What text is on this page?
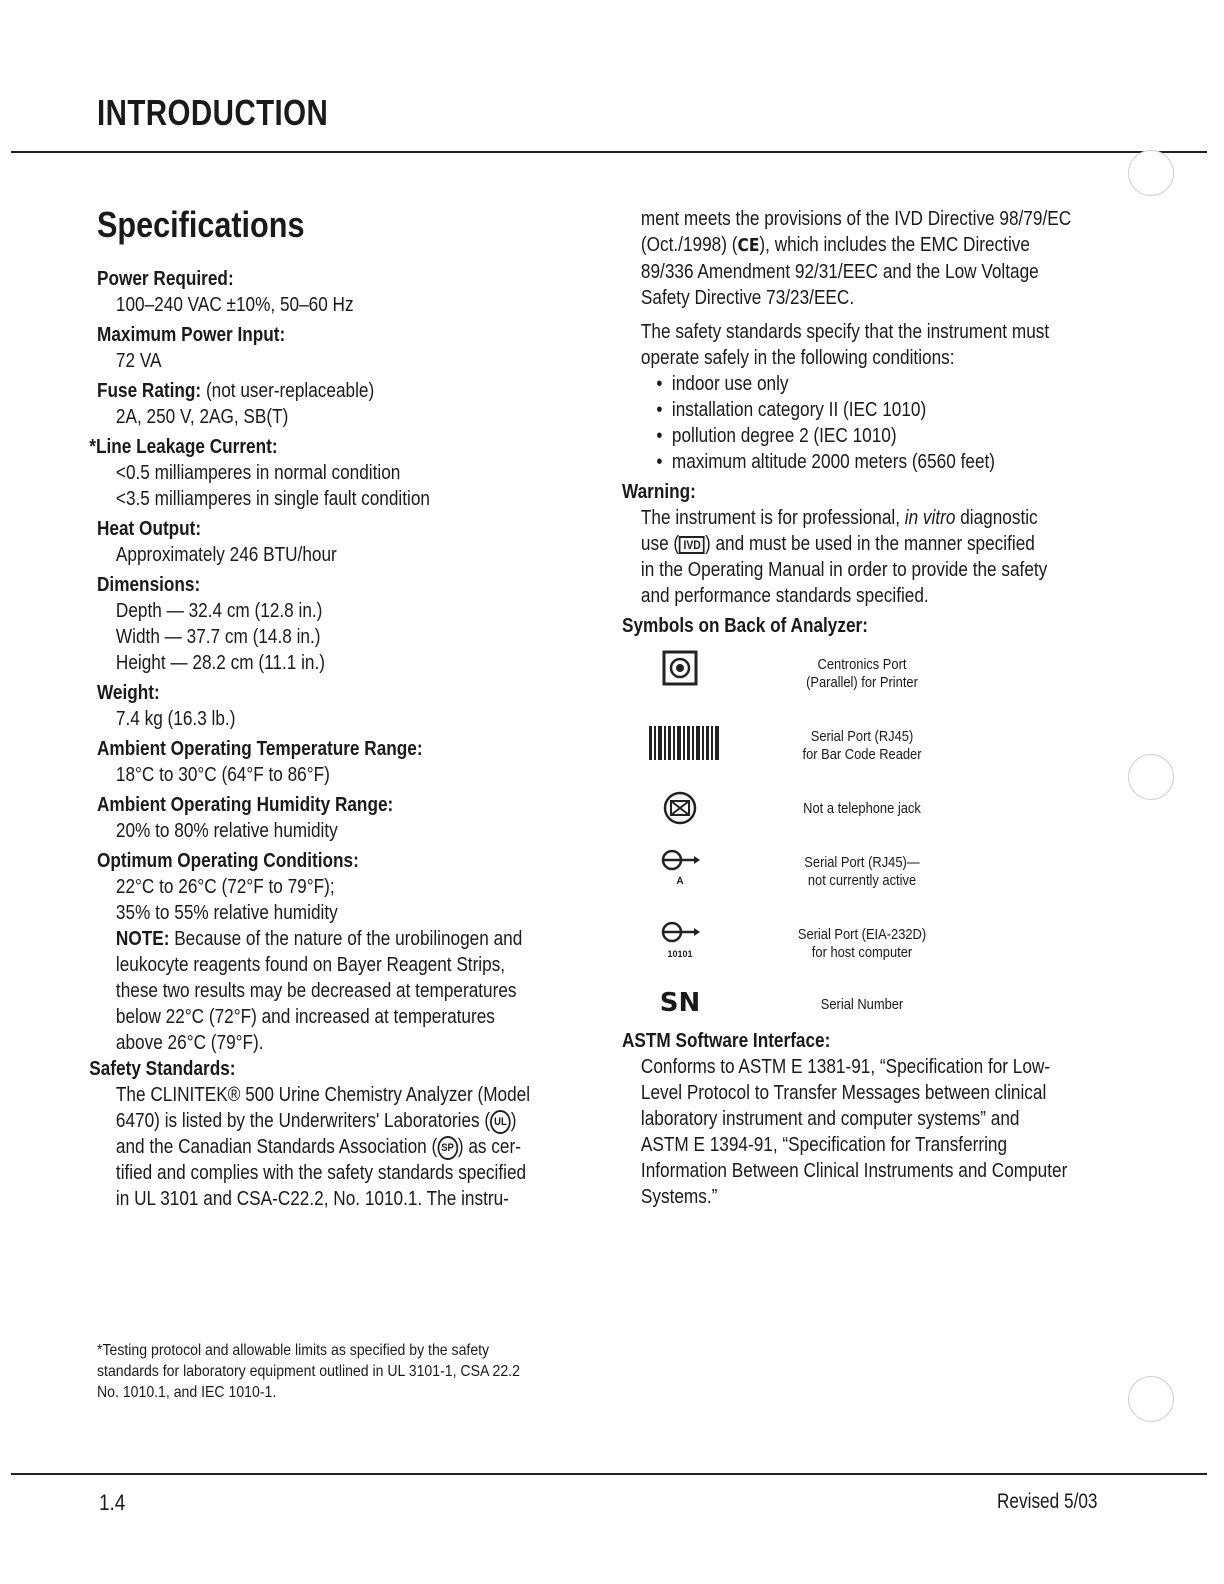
INTRODUCTION
Specifications
Power Required:
100–240 VAC ±10%, 50–60 Hz
Maximum Power Input:
72 VA
Fuse Rating: (not user-replaceable)
2A, 250 V, 2AG, SB(T)
*Line Leakage Current:
<0.5 milliamperes in normal condition
<3.5 milliamperes in single fault condition
Heat Output:
Approximately 246 BTU/hour
Dimensions:
Depth — 32.4 cm (12.8 in.)
Width — 37.7 cm (14.8 in.)
Height — 28.2 cm (11.1 in.)
Weight:
7.4 kg (16.3 lb.)
Ambient Operating Temperature Range:
18°C to 30°C (64°F to 86°F)
Ambient Operating Humidity Range:
20% to 80% relative humidity
Optimum Operating Conditions:
22°C to 26°C (72°F to 79°F);
35% to 55% relative humidity
NOTE: Because of the nature of the urobilinogen and
leukocyte reagents found on Bayer Reagent Strips,
these two results may be decreased at temperatures
below 22°C (72°F) and increased at temperatures
above 26°C (79°F).
Safety Standards:
The CLINITEK® 500 Urine Chemistry Analyzer (Model
6470) is listed by the Underwriters' Laboratories ( UL )
and the Canadian Standards Association ( SP ) as cer-
tified and complies with the safety standards specified
in UL 3101 and CSA-C22.2, No. 1010.1. The instru-
ment meets the provisions of the IVD Directive 98/79/EC
(Oct./1998) (CE), which includes the EMC Directive
89/336 Amendment 92/31/EEC and the Low Voltage
Safety Directive 73/23/EEC.
The safety standards specify that the instrument must
operate safely in the following conditions:
• indoor use only
• installation category II (IEC 1010)
• pollution degree 2 (IEC 1010)
• maximum altitude 2000 meters (6560 feet)
Warning:
The instrument is for professional, in vitro diagnostic
use ( IVD ) and must be used in the manner specified
in the Operating Manual in order to provide the safety
and performance standards specified.
Symbols on Back of Analyzer:
Centronics Port
(Parallel) for Printer
Serial Port (RJ45)
for Bar Code Reader
Not a telephone jack
A
Serial Port (RJ45)—
not currently active
10101
Serial Port (EIA-232D)
for host computer
SN	Serial Number
ASTM Software Interface:
Conforms to ASTM E 1381-91, “Specification for Low-
Level Protocol to Transfer Messages between clinical
laboratory instrument and computer systems” and
ASTM E 1394-91, “Specification for Transferring
Information Between Clinical Instruments and Computer
Systems.”
*Testing protocol and allowable limits as specified by the safety
standards for laboratory equipment outlined in UL 3101-1, CSA 22.2
No. 1010.1, and IEC 1010-1.
1.4	Revised 5/03
